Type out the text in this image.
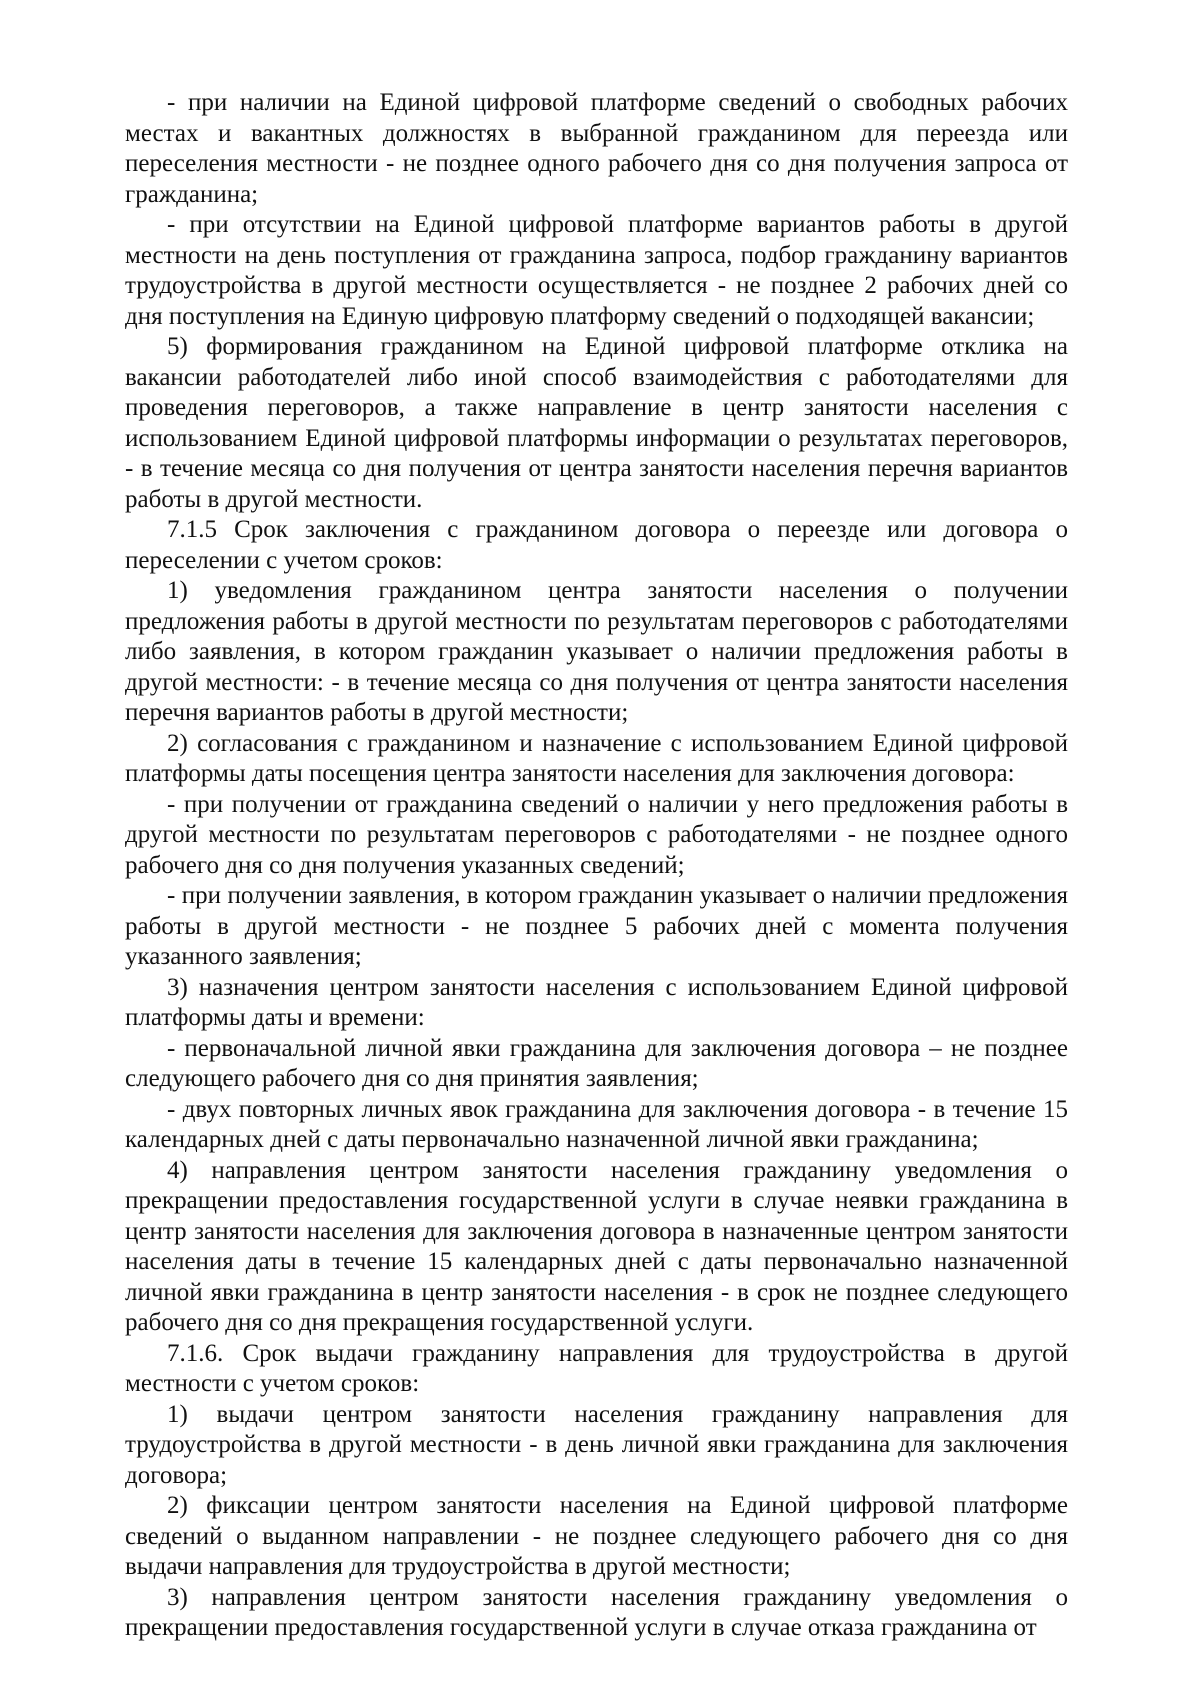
- при наличии на Единой цифровой платформе сведений о свободных рабочих местах и вакантных должностях в выбранной гражданином для переезда или переселения местности - не позднее одного рабочего дня со дня получения запроса от гражданина;

- при отсутствии на Единой цифровой платформе вариантов работы в другой местности на день поступления от гражданина запроса, подбор гражданину вариантов трудоустройства в другой местности осуществляется - не позднее 2 рабочих дней со дня поступления на Единую цифровую платформу сведений о подходящей вакансии;

5) формирования гражданином на Единой цифровой платформе отклика на вакансии работодателей либо иной способ взаимодействия с работодателями для проведения переговоров, а также направление в центр занятости населения с использованием Единой цифровой платформы информации о результатах переговоров, - в течение месяца со дня получения от центра занятости населения перечня вариантов работы в другой местности.

7.1.5 Срок заключения с гражданином договора о переезде или договора о переселении с учетом сроков:

1) уведомления гражданином центра занятости населения о получении предложения работы в другой местности по результатам переговоров с работодателями либо заявления, в котором гражданин указывает о наличии предложения работы в другой местности: - в течение месяца со дня получения от центра занятости населения перечня вариантов работы в другой местности;

2) согласования с гражданином и назначение с использованием Единой цифровой платформы даты посещения центра занятости населения для заключения договора:

- при получении от гражданина сведений о наличии у него предложения работы в другой местности по результатам переговоров с работодателями - не позднее одного рабочего дня со дня получения указанных сведений;

- при получении заявления, в котором гражданин указывает о наличии предложения работы в другой местности - не позднее 5 рабочих дней с момента получения указанного заявления;

3) назначения центром занятости населения с использованием Единой цифровой платформы даты и времени:

- первоначальной личной явки гражданина для заключения договора – не позднее следующего рабочего дня со дня принятия заявления;

- двух повторных личных явок гражданина для заключения договора - в течение 15 календарных дней с даты первоначально назначенной личной явки гражданина;

4) направления центром занятости населения гражданину уведомления о прекращении предоставления государственной услуги в случае неявки гражданина в центр занятости населения для заключения договора в назначенные центром занятости населения даты в течение 15 календарных дней с даты первоначально назначенной личной явки гражданина в центр занятости населения - в срок не позднее следующего рабочего дня со дня прекращения государственной услуги.

7.1.6. Срок выдачи гражданину направления для трудоустройства в другой местности с учетом сроков:

1) выдачи центром занятости населения гражданину направления для трудоустройства в другой местности - в день личной явки гражданина для заключения договора;

2) фиксации центром занятости населения на Единой цифровой платформе сведений о выданном направлении - не позднее следующего рабочего дня со дня выдачи направления для трудоустройства в другой местности;

3) направления центром занятости населения гражданину уведомления о прекращении предоставления государственной услуги в случае отказа гражданина от
